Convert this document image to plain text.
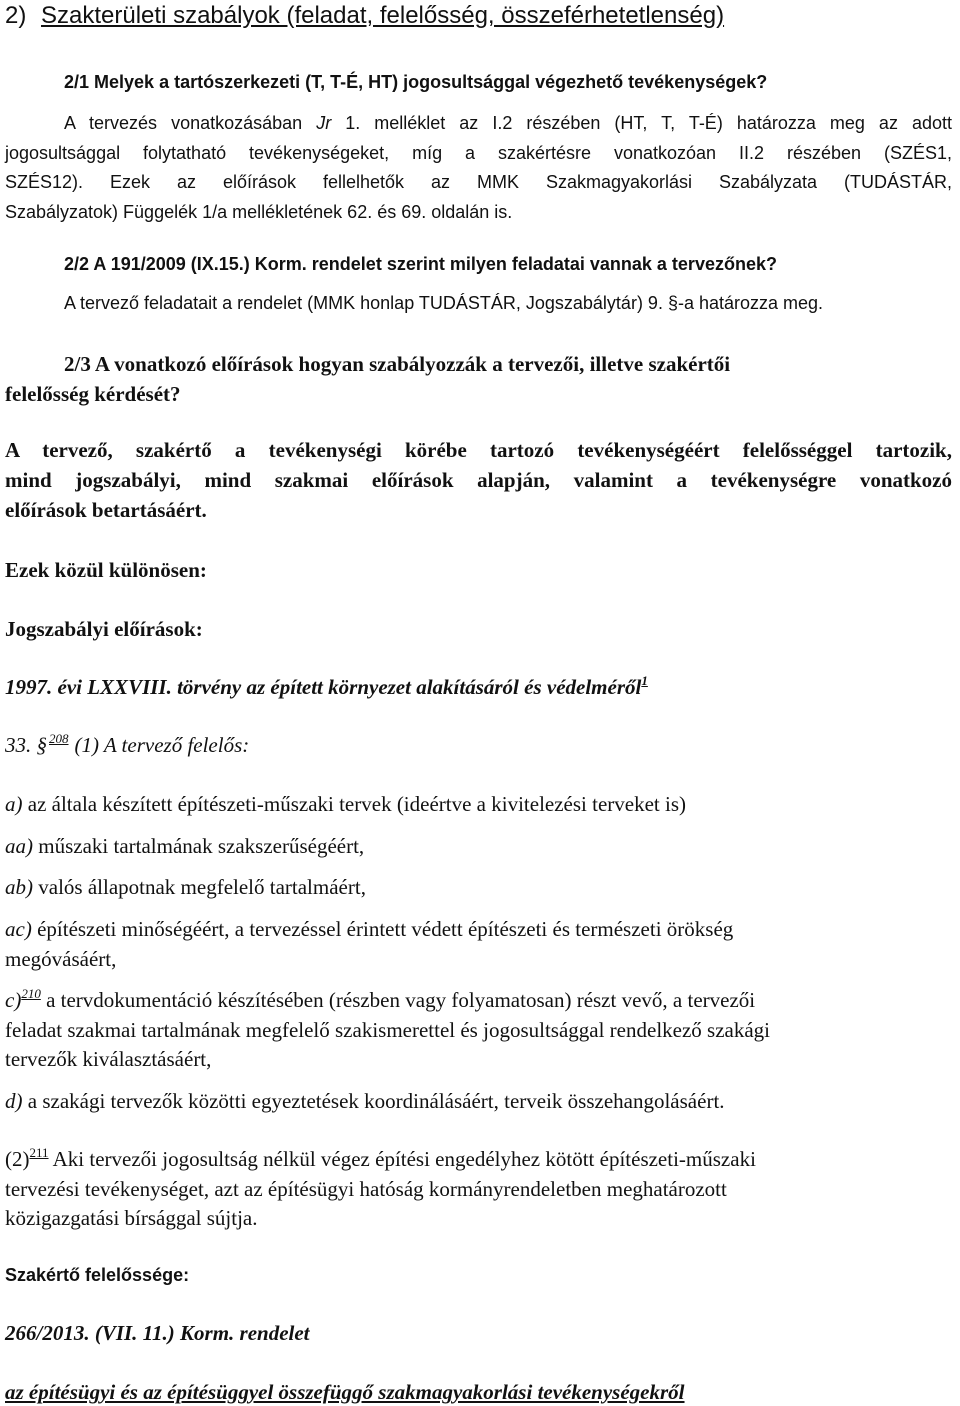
2) Szakterületi szabályok (feladat, felelősség, összeférhetetlenség)
2/1 Melyek a tartószerkezeti (T, T-É, HT) jogosultsággal végezhető tevékenységek?
A tervezés vonatkozásában Jr 1. melléklet az I.2 részében (HT, T, T-É) határozza meg az adott
jogosultsággal folytatható tevékenységeket, míg a szakértésre vonatkozóan II.2 részében (SZÉS1,
SZÉS12). Ezek az előírások fellelhetők az MMK Szakmagyakorlási Szabályzata (TUDÁSTÁR,
Szabályzatok) Függelék 1/a mellékletének 62. és 69. oldalán is.
2/2 A 191/2009 (IX.15.) Korm. rendelet szerint milyen feladatai vannak a tervezőnek?
A tervező feladatait a rendelet (MMK honlap TUDÁSTÁR, Jogszabálytár) 9. §-a határozza meg.
2/3 A vonatkozó előírások hogyan szabályozzák a tervezői, illetve szakértői
felelősség kérdését?
A tervező, szakértő a tevékenységi körébe tartozó tevékenységéért felelősséggel tartozik,
mind jogszabályi, mind szakmai előírások alapján, valamint a tevékenységre vonatkozó
előírások betartásáért.
Ezek közül különösen:
Jogszabályi előírások:
1997. évi LXXVIII. törvény az épített környezet alakításáról és védelméről$^1$
33. § $^{208}$ (1) A tervező felelős:
a) az általa készített építészeti-műszaki tervek (ideértve a kivitelezési terveket is)
aa) műszaki tartalmának szakszerűségéért,
ab) valós állapotnak megfelelő tartalmáért,
ac) építészeti minőségéért, a tervezéssel érintett védett építészeti és természeti örökség
megóvásáért,
c)$^{210}$ a tervdokumentáció készítésében (részben vagy folyamatosan) részt vevő, a tervezői
feladat szakmai tartalmának megfelelő szakismerettel és jogosultsággal rendelkező szakági
tervezők kiválasztásáért,
d) a szakági tervezők közötti egyeztetések koordinálásáért, terveik összehangolásáért.
$(2)^{211}$ Aki tervezői jogosultság nélkül végez építési engedélyhez kötött építészeti-műszaki
tervezési tevékenységet, azt az építésügyi hatóság kormányrendeletben meghatározott
közigazgatási bírsággal sújtja.
Szakértő felelőssége:
266/2013. (VII. 11.) Korm. rendelet
az építésügyi és az építésüggyel összefüggő szakmagyakorlási tevékenységekről
